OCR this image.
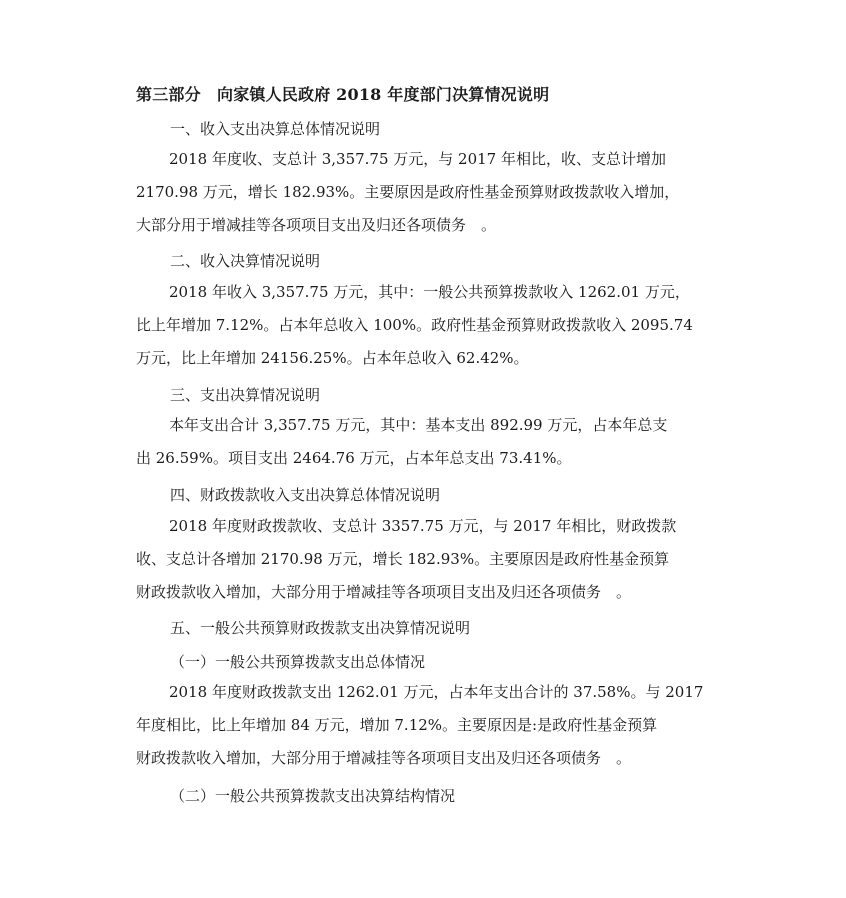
第三部分　向家镇人民政府 2018 年度部门决算情况说明
一、收入支出决算总体情况说明
2018 年度收、支总计 3,357.75 万元，与 2017 年相比，收、支总计增加
2170.98 万元，增长 182.93%。主要原因是政府性基金预算财政拨款收入增加，
大部分用于增减挂等各项项目支出及归还各项债务　。
二、收入决算情况说明
2018 年收入 3,357.75 万元，其中：一般公共预算拨款收入 1262.01 万元，
比上年增加 7.12%。占本年总收入 100%。政府性基金预算财政拨款收入 2095.74
万元，比上年增加 24156.25%。占本年总收入 62.42%。
三、支出决算情况说明
本年支出合计 3,357.75 万元，其中：基本支出 892.99 万元，占本年总支
出 26.59%。项目支出 2464.76 万元，占本年总支出 73.41%。
四、财政拨款收入支出决算总体情况说明
2018 年度财政拨款收、支总计 3357.75 万元，与 2017 年相比，财政拨款
收、支总计各增加 2170.98 万元，增长 182.93%。主要原因是政府性基金预算
财政拨款收入增加，大部分用于增减挂等各项项目支出及归还各项债务　。
五、一般公共预算财政拨款支出决算情况说明
（一）一般公共预算拨款支出总体情况
2018 年度财政拨款支出 1262.01 万元，占本年支出合计的 37.58%。与 2017
年度相比，比上年增加 84 万元，增加 7.12%。主要原因是:是政府性基金预算
财政拨款收入增加，大部分用于增减挂等各项项目支出及归还各项债务　。
（二）一般公共预算拨款支出决算结构情况
